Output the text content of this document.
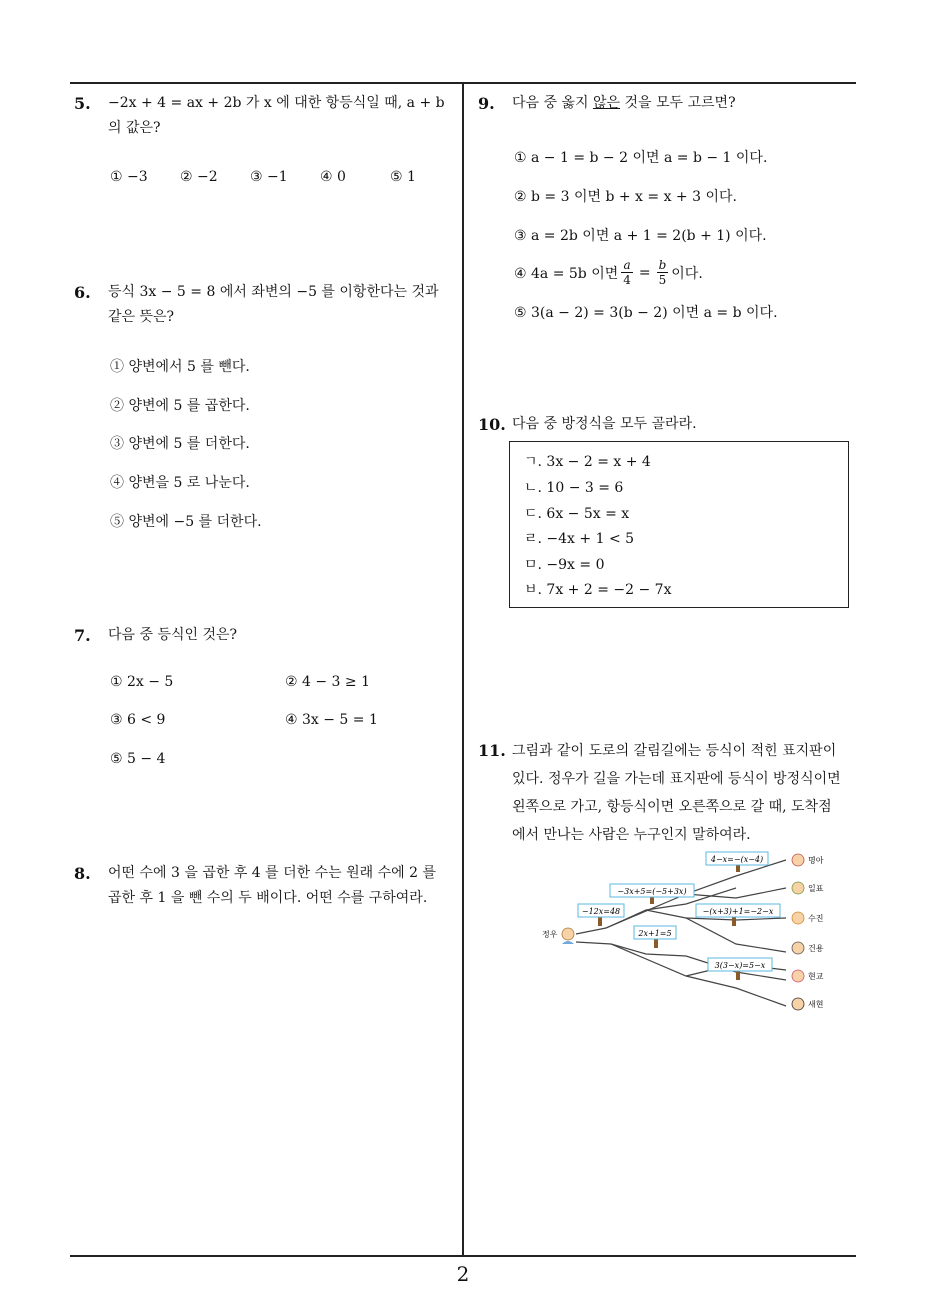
5. −2x + 4 = ax + 2b 가 x 에 대한 항등식일 때, a + b
의 값은?
① −3 ② −2 ③ −1 ④ 0	⑤ 1
6. 등식 3x − 5 = 8 에서 좌변의 −5 를 이항한다는 것과
같은 뜻은?
① 양변에서 5 를 뺀다.
② 양변에 5 를 곱한다.
③ 양변에 5 를 더한다.
④ 양변을 5 로 나눈다.
⑤ 양변에 −5 를 더한다.
7. 다음 중 등식인 것은?
① 2x − 5	② 4 − 3 ≥ 1
③ 6 < 9	④ 3x − 5 = 1
⑤ 5 − 4
8. 어떤 수에 3 을 곱한 후 4 를 더한 수는 원래 수에 2 를
곱한 후 1 을 뺀 수의 두 배이다. 어떤 수를 구하여라.
9.	다음 중 옳지 않은 것을 모두 고르면?
① a − 1 = b − 2 이면 a = b − 1 이다.
② b = 3 이면 b + x = x + 3 이다.
③ a = 2b 이면 a + 1 = 2(b + 1) 이다.
④ 4a = 5b 이면 $\frac{a}{4} = \frac{b}{5}$ 이다.
⑤ 3(a − 2) = 3(b − 2) 이면 a = b 이다.
10. 다음 중 방정식을 모두 골라라.
ㄱ. 3x − 2 = x + 4
ㄴ. 10 − 3 = 6
ㄷ. 6x − 5x = x
ㄹ. −4x + 1 < 5
ㅁ. −9x = 0
ㅂ. 7x + 2 = −2 − 7x
11. 그림과 같이 도로의 갈림길에는 등식이 적힌 표지판이
있다. 정우가 길을 가는데 표지판에 등식이 방정식이면
왼쪽으로 가고, 항등식이면 오른쪽으로 갈 때, 도착점
에서 만나는 사람은 누구인지 말하여라.
4−x=−(x−4)
−3x+5=(−5+3x)
−12x=48
2x+1=5
−(x+3)+1=−2−x
3(3−x)=5−x
정우
명아
일표
수진
건용
현교
새현
2
